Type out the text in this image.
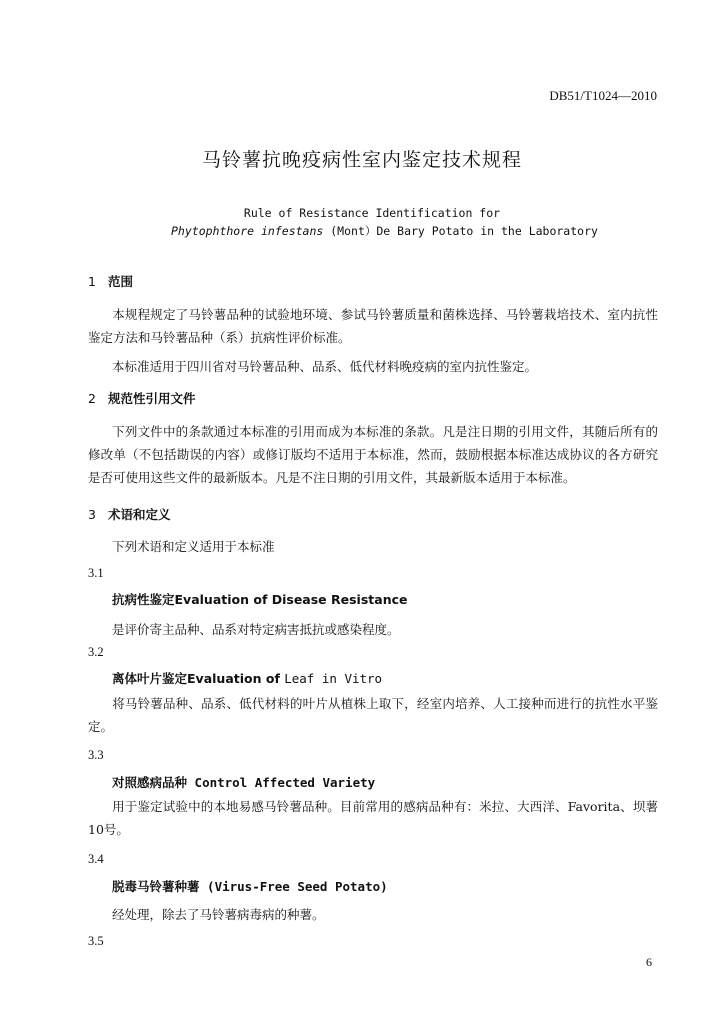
DB51/T1024—2010
马铃薯抗晚疫病性室内鉴定技术规程
Rule of Resistance Identification for
Phytophthore infestans (Mont）De Bary Potato in the Laboratory
1 范围
本规程规定了马铃薯品种的试验地环境、参试马铃薯质量和菌株选择、马铃薯栽培技术、室内抗性鉴定方法和马铃薯品种（系）抗病性评价标准。
本标准适用于四川省对马铃薯品种、品系、低代材料晚疫病的室内抗性鉴定。
2 规范性引用文件
下列文件中的条款通过本标准的引用而成为本标准的条款。凡是注日期的引用文件，其随后所有的修改单（不包括勘误的内容）或修订版均不适用于本标准，然而，鼓励根据本标准达成协议的各方研究是否可使用这些文件的最新版本。凡是不注日期的引用文件，其最新版本适用于本标准。
3 术语和定义
下列术语和定义适用于本标准
3.1
抗病性鉴定Evaluation of Disease Resistance
是评价寄主品种、品系对特定病害抵抗或感染程度。
3.2
离体叶片鉴定Evaluation of Leaf in Vitro
将马铃薯品种、品系、低代材料的叶片从植株上取下，经室内培养、人工接种而进行的抗性水平鉴定。
3.3
对照感病品种 Control Affected Variety
用于鉴定试验中的本地易感马铃薯品种。目前常用的感病品种有：米拉、大西洋、Favorita、坝薯10号。
3.4
脱毒马铃薯种薯 (Virus-Free Seed Potato)
经处理，除去了马铃薯病毒病的种薯。
3.5
6
